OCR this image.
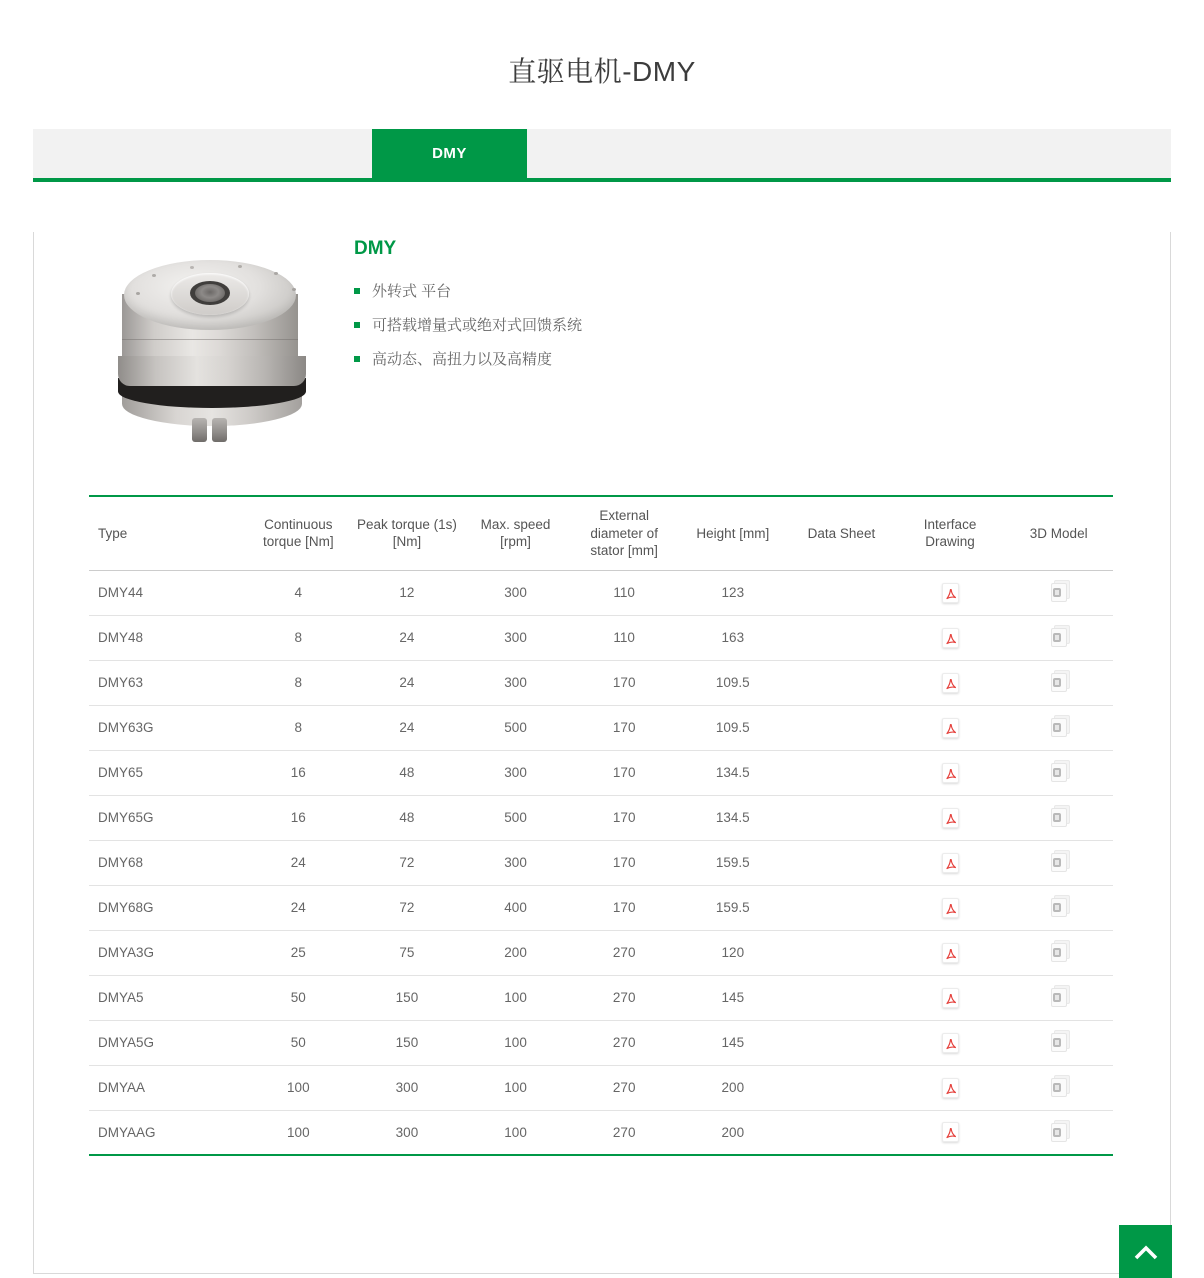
直驱电机-DMY
DMY
DMY
外转式 平台
可搭载增量式或绝对式回馈系统
高动态、高扭力以及高精度
Type	Continuous torque [Nm]	Peak torque (1s) [Nm]	Max. speed [rpm]	External diameter of stator [mm]	Height [mm]	Data Sheet	Interface Drawing	3D Model
DMY44	4	12	300	110	123		

DMY48	8	24	300	110	163		

DMY63	8	24	300	170	109.5		

DMY63G	8	24	500	170	109.5		

DMY65	16	48	300	170	134.5		

DMY65G	16	48	500	170	134.5		

DMY68	24	72	300	170	159.5		

DMY68G	24	72	400	170	159.5		

DMYA3G	25	75	200	270	120		

DMYA5	50	150	100	270	145		

DMYA5G	50	150	100	270	145		

DMYAA	100	300	100	270	200		

DMYAAG	100	300	100	270	200		
